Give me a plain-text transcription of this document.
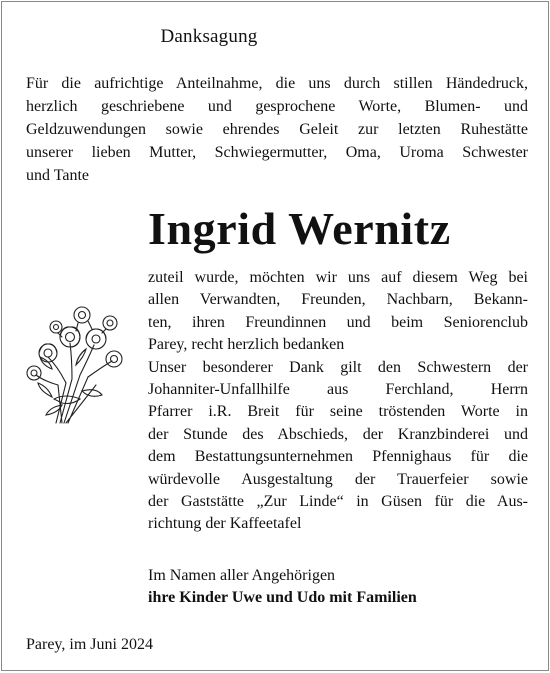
Danksagung
Für die aufrichtige Anteilnahme, die uns durch stillen Händedruck,
herzlich geschriebene und gesprochene Worte, Blumen- und
Geldzuwendungen sowie ehrendes Geleit zur letzten Ruhestätte
unserer lieben Mutter, Schwiegermutter, Oma, Uroma Schwester
und Tante
Ingrid Wernitz
zuteil wurde, möchten wir uns auf diesem Weg bei
allen Verwandten, Freunden, Nachbarn, Bekann-
ten, ihren Freundinnen und beim Seniorenclub
Parey, recht herzlich bedanken
Unser besonderer Dank gilt den Schwestern der
Johanniter-Unfallhilfe aus Ferchland, Herrn
Pfarrer i.R. Breit für seine tröstenden Worte in
der Stunde des Abschieds, der Kranzbinderei und
dem Bestattungsunternehmen Pfennighaus für die
würdevolle Ausgestaltung der Trauerfeier sowie
der Gaststätte „Zur Linde“ in Güsen für die Aus-
richtung der Kaffeetafel
Im Namen aller Angehörigen
ihre Kinder Uwe und Udo mit Familien
Parey, im Juni 2024
